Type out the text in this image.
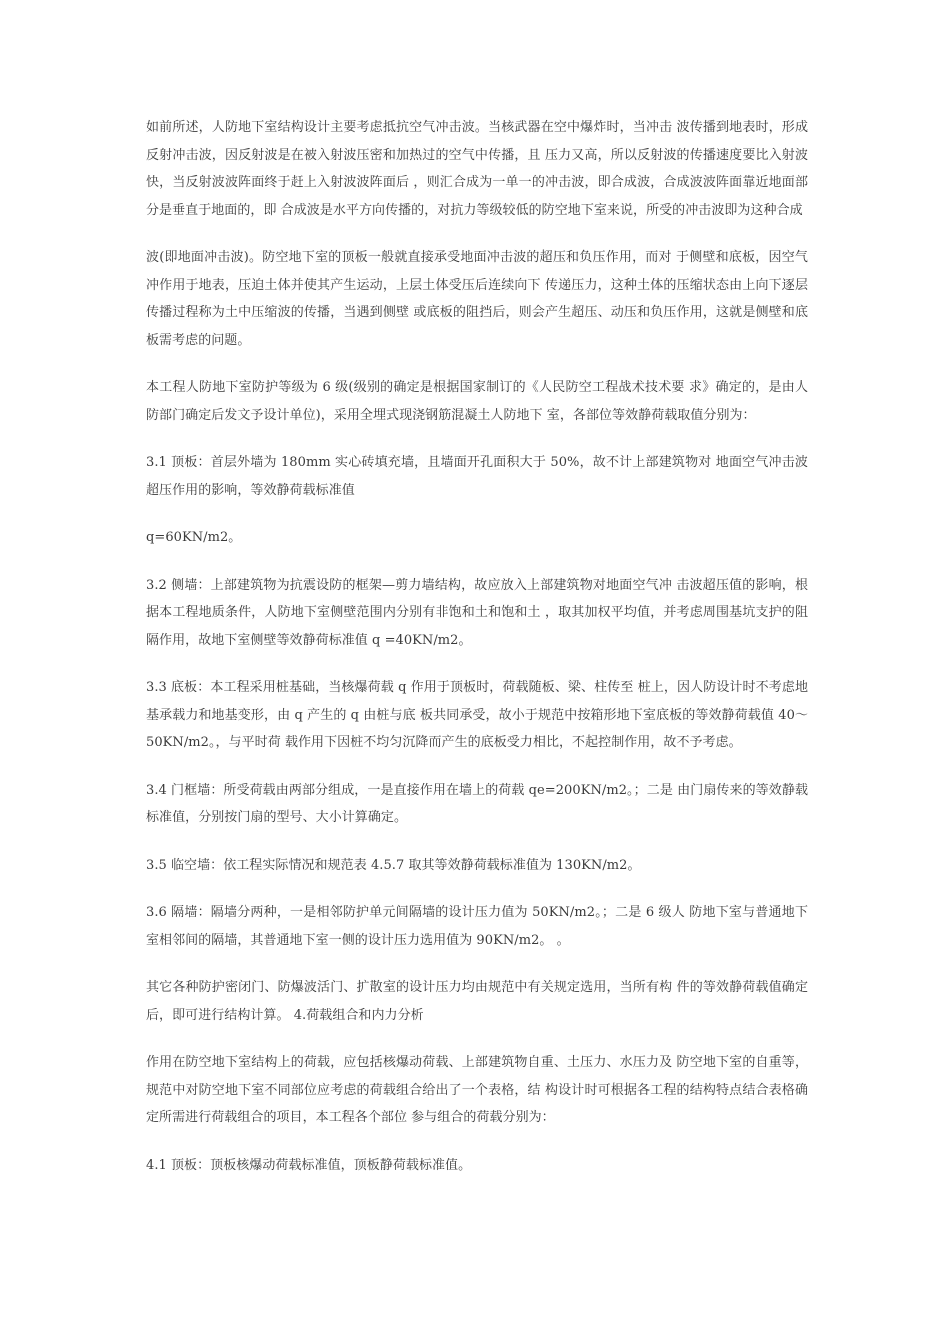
如前所述，人防地下室结构设计主要考虑抵抗空气冲击波。当核武器在空中爆炸时，当冲击 波传播到地表时，形成反射冲击波，因反射波是在被入射波压密和加热过的空气中传播，且 压力又高，所以反射波的传播速度要比入射波快，当反射波波阵面终于赶上入射波波阵面后 ，则汇合成为一单一的冲击波，即合成波，合成波波阵面靠近地面部分是垂直于地面的，即 合成波是水平方向传播的，对抗力等级较低的防空地下室来说，所受的冲击波即为这种合成

波(即地面冲击波)。防空地下室的顶板一般就直接承受地面冲击波的超压和负压作用，而对 于侧壁和底板，因空气冲作用于地表，压迫土体并使其产生运动，上层土体受压后连续向下 传递压力，这种土体的压缩状态由上向下逐层传播过程称为土中压缩波的传播，当遇到侧壁 或底板的阻挡后，则会产生超压、动压和负压作用，这就是侧壁和底板需考虑的问题。

本工程人防地下室防护等级为 6 级(级别的确定是根据国家制订的《人民防空工程战术技术要 求》确定的，是由人防部门确定后发文予设计单位)，采用全埋式现浇钢筋混凝土人防地下 室，各部位等效静荷载取值分别为：

3.1 顶板：首层外墙为 180mm 实心砖填充墙，且墙面开孔面积大于 50%，故不计上部建筑物对 地面空气冲击波超压作用的影响，等效静荷载标准值

q=60KN/m2。

3.2 侧墙：上部建筑物为抗震设防的框架—剪力墙结构，故应放入上部建筑物对地面空气冲 击波超压值的影响，根据本工程地质条件，人防地下室侧壁范围内分别有非饱和土和饱和土 ，取其加权平均值，并考虑周围基坑支护的阻隔作用，故地下室侧壁等效静荷标准值 q =40KN/m2。

3.3 底板：本工程采用桩基础，当核爆荷载 q 作用于顶板时，荷载随板、梁、柱传至 桩上，因人防设计时不考虑地基承载力和地基变形，由 q 产生的 q 由桩与底 板共同承受，故小于规范中按箱形地下室底板的等效静荷载值 40～50KN/m2。，与平时荷 载作用下因桩不均匀沉降而产生的底板受力相比，不起控制作用，故不予考虑。

3.4 门框墙：所受荷载由两部分组成，一是直接作用在墙上的荷载 qe=200KN/m2。；二是 由门扇传来的等效静载标准值，分别按门扇的型号、大小计算确定。

3.5 临空墙：依工程实际情况和规范表 4.5.7 取其等效静荷载标准值为 130KN/m2。

3.6 隔墙：隔墙分两种，一是相邻防护单元间隔墙的设计压力值为 50KN/m2。；二是 6 级人 防地下室与普通地下室相邻间的隔墙，其普通地下室一侧的设计压力选用值为 90KN/m2。 。

其它各种防护密闭门、防爆波活门、扩散室的设计压力均由规范中有关规定选用，当所有构 件的等效静荷载值确定后，即可进行结构计算。 4.荷载组合和内力分析

作用在防空地下室结构上的荷载，应包括核爆动荷载、上部建筑物自重、土压力、水压力及 防空地下室的自重等，规范中对防空地下室不同部位应考虑的荷载组合给出了一个表格，结 构设计时可根据各工程的结构特点结合表格确定所需进行荷载组合的项目，本工程各个部位 参与组合的荷载分别为：

4.1 顶板：顶板核爆动荷载标准值，顶板静荷载标准值。
